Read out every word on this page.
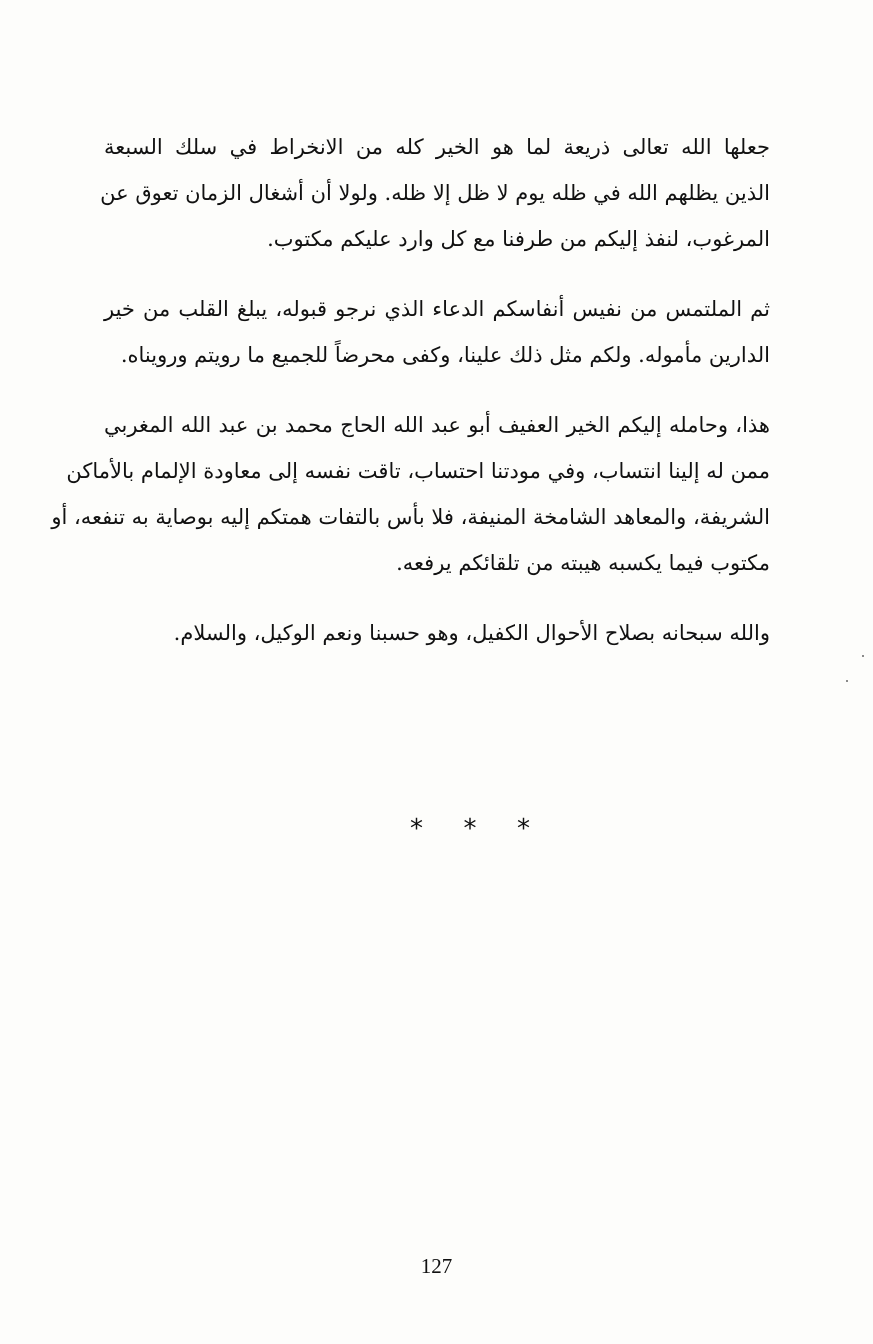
جعلها الله تعالى ذريعة لما هو الخير كله من الانخراط في سلك السبعة
الذين يظلهم الله في ظله يوم لا ظل إلا ظله. ولولا أن أشغال الزمان تعوق عن
المرغوب، لنفذ إليكم من طرفنا مع كل وارد عليكم مكتوب.

ثم الملتمس من نفيس أنفاسكم الدعاء الذي نرجو قبوله، يبلغ القلب من خير
الدارين مأموله. ولكم مثل ذلك علينا، وكفى محرضاً للجميع ما رويتم ورويناه.

هذا، وحامله إليكم الخير العفيف أبو عبد الله الحاج محمد بن عبد الله المغربي
ممن له إلينا انتساب، وفي مودتنا احتساب، تاقت نفسه إلى معاودة الإلمام بالأماكن
الشريفة، والمعاهد الشامخة المنيفة، فلا بأس بالتفات همتكم إليه بوصاية به تنفعه، أو
مكتوب فيما يكسبه هيبته من تلقائكم يرفعه.

والله سبحانه بصلاح الأحوال الكفيل، وهو حسبنا ونعم الوكيل، والسلام.

* * *
127
